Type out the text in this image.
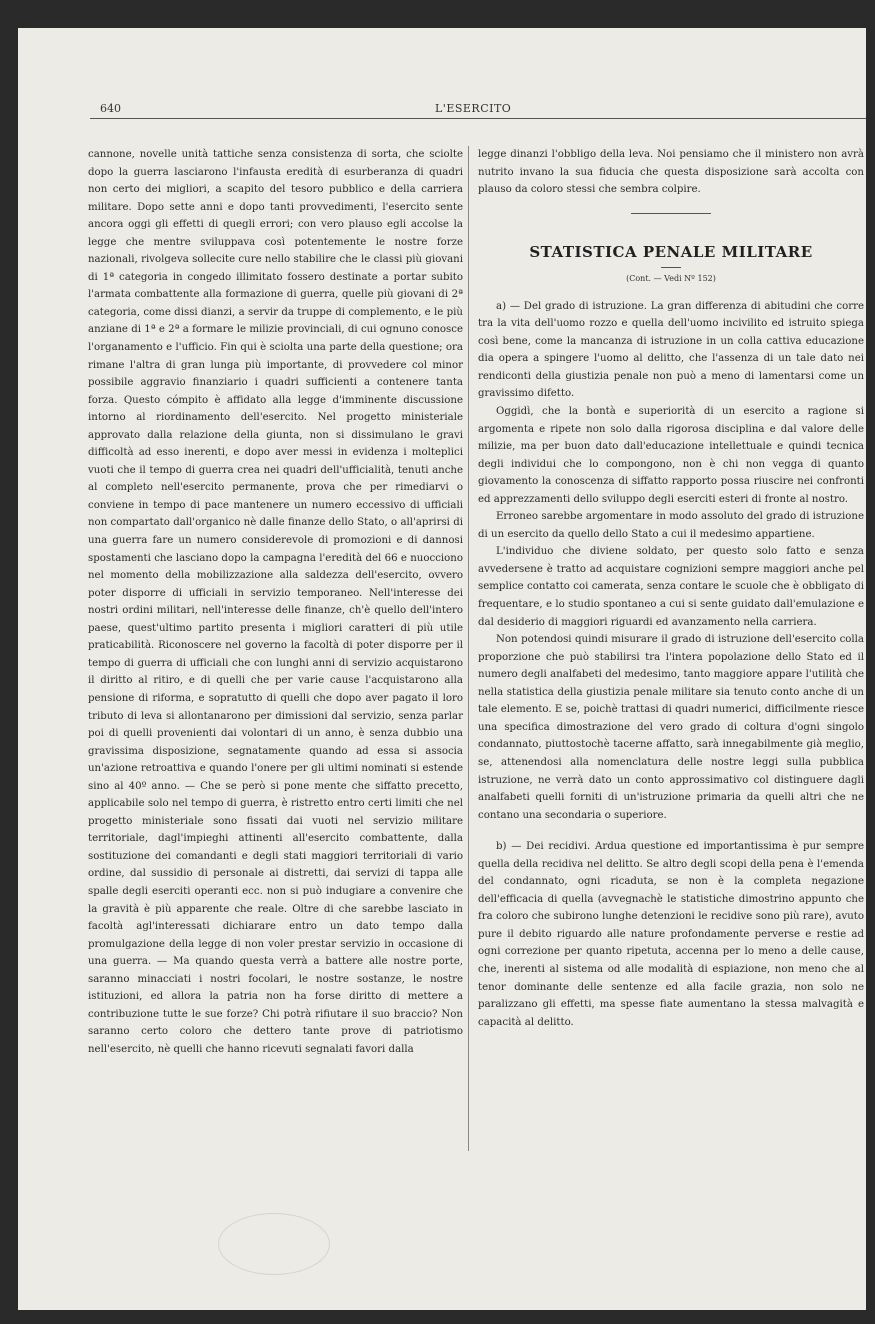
640	L'ESERCITO

cannone, novelle unità tattiche senza consistenza di sorta, che sciolte dopo la guerra lasciarono l'infausta eredità di esurberanza di quadri non certo dei migliori, a scapito del tesoro pubblico e della carriera militare. Dopo sette anni e dopo tanti provvedimenti, l'esercito sente ancora oggi gli effetti di quegli errori; con vero plauso egli accolse la legge che mentre sviluppava così potentemente le nostre forze nazionali, rivolgeva sollecite cure nello stabilire che le classi più giovani di 1ª categoria in congedo illimitato fossero destinate a portar subito l'armata combattente alla formazione di guerra, quelle più giovani di 2ª categoria, come dissi dianzi, a servir da truppe di complemento, e le più anziane di 1ª e 2ª a formare le milizie provinciali, di cui ognuno conosce l'organamento e l'ufficio. Fin qui è sciolta una parte della questione; ora rimane l'altra di gran lunga più importante, di provvedere col minor possibile aggravio finanziario i quadri sufficienti a contenere tanta forza. Questo cómpito è affidato alla legge d'imminente discussione intorno al riordinamento dell'esercito. Nel progetto ministeriale approvato dalla relazione della giunta, non si dissimulano le gravi difficoltà ad esso inerenti, e dopo aver messi in evidenza i molteplici vuoti che il tempo di guerra crea nei quadri dell'ufficialità, tenuti anche al completo nell'esercito permanente, prova che per rimediarvi o conviene in tempo di pace mantenere un numero eccessivo di ufficiali non compartato dall'organico nè dalle finanze dello Stato, o all'aprirsi di una guerra fare un numero considerevole di promozioni e di dannosi spostamenti che lasciano dopo la campagna l'eredità del 66 e nuocciono nel momento della mobilizzazione alla saldezza dell'esercito, ovvero poter disporre di ufficiali in servizio temporaneo. Nell'interesse dei nostri ordini militari, nell'interesse delle finanze, ch'è quello dell'intero paese, quest'ultimo partito presenta i migliori caratteri di più utile praticabilità. Riconoscere nel governo la facoltà di poter disporre per il tempo di guerra di ufficiali che con lunghi anni di servizio acquistarono il diritto al ritiro, e di quelli che per varie cause l'acquistarono alla pensione di riforma, e sopratutto di quelli che dopo aver pagato il loro tributo di leva si allontanarono per dimissioni dal servizio, senza parlar poi di quelli provenienti dai volontari di un anno, è senza dubbio una gravissima disposizione, segnatamente quando ad essa si associa un'azione retroattiva e quando l'onere per gli ultimi nominati si estende sino al 40º anno. — Che se però si pone mente che siffatto precetto, applicabile solo nel tempo di guerra, è ristretto entro certi limiti che nel progetto ministeriale sono fissati dai vuoti nel servizio militare territoriale, dagl'impieghi attinenti all'esercito combattente, dalla sostituzione dei comandanti e degli stati maggiori territoriali di vario ordine, dal sussidio di personale ai distretti, dai servizi di tappa alle spalle degli eserciti operanti ecc. non si può indugiare a convenire che la gravità è più apparente che reale. Oltre di che sarebbe lasciato in facoltà agl'interessati dichiarare entro un dato tempo dalla promulgazione della legge di non voler prestar servizio in occasione di una guerra. — Ma quando questa verrà a battere alle nostre porte, saranno minacciati i nostri focolari, le nostre sostanze, le nostre istituzioni, ed allora la patria non ha forse diritto di mettere a contribuzione tutte le sue forze? Chi potrà rifiutare il suo braccio? Non saranno certo coloro che dettero tante prove di patriotismo nell'esercito, nè quelli che hanno ricevuti segnalati favori dalla

legge dinanzi l'obbligo della leva. Noi pensiamo che il ministero non avrà nutrito invano la sua fiducia che questa disposizione sarà accolta con plauso da coloro stessi che sembra colpire.

STATISTICA PENALE MILITARE
(Cont. — Vedi Nº 152)

a) — Del grado di istruzione. La gran differenza di abitudini che corre tra la vita dell'uomo rozzo e quella dell'uomo incivilito ed istruito spiega così bene, come la mancanza di istruzione in un colla cattiva educazione dia opera a spingere l'uomo al delitto, che l'assenza di un tale dato nei rendiconti della giustizia penale non può a meno di lamentarsi come un gravissimo difetto.

Oggidì, che la bontà e superiorità di un esercito a ragione si argomenta e ripete non solo dalla rigorosa disciplina e dal valore delle milizie, ma per buon dato dall'educazione intellettuale e quindi tecnica degli individui che lo compongono, non è chi non vegga di quanto giovamento la conoscenza di siffatto rapporto possa riuscire nei confronti ed apprezzamenti dello sviluppo degli eserciti esteri di fronte al nostro.

Erroneo sarebbe argomentare in modo assoluto del grado di istruzione di un esercito da quello dello Stato a cui il medesimo appartiene.

L'individuo che diviene soldato, per questo solo fatto e senza avvedersene è tratto ad acquistare cognizioni sempre maggiori anche pel semplice contatto coi camerata, senza contare le scuole che è obbligato di frequentare, e lo studio spontaneo a cui si sente guidato dall'emulazione e dal desiderio di maggiori riguardi ed avanzamento nella carriera.

Non potendosi quindi misurare il grado di istruzione dell'esercito colla proporzione che può stabilirsi tra l'intera popolazione dello Stato ed il numero degli analfabeti del medesimo, tanto maggiore appare l'utilità che nella statistica della giustizia penale militare sia tenuto conto anche di un tale elemento. E se, poichè trattasi di quadri numerici, difficilmente riesce una specifica dimostrazione del vero grado di coltura d'ogni singolo condannato, piuttostochè tacerne affatto, sarà innegabilmente già meglio, se, attenendosi alla nomenclatura delle nostre leggi sulla pubblica istruzione, ne verrà dato un conto approssimativo col distinguere dagli analfabeti quelli forniti di un'istruzione primaria da quelli altri che ne contano una secondaria o superiore.

b) — Dei recidivi. Ardua questione ed importantissima è pur sempre quella della recidiva nel delitto. Se altro degli scopi della pena è l'emenda del condannato, ogni ricaduta, se non è la completa negazione dell'efficacia di quella (avvegnachè le statistiche dimostrino appunto che fra coloro che subirono lunghe detenzioni le recidive sono più rare), avuto pure il debito riguardo alle nature profondamente perverse e restie ad ogni correzione per quanto ripetuta, accenna per lo meno a delle cause, che, inerenti al sistema od alle modalità di espiazione, non meno che al tenor dominante delle sentenze ed alla facile grazia, non solo ne paralizzano gli effetti, ma spesse fiate aumentano la stessa malvagità e capacità al delitto.
